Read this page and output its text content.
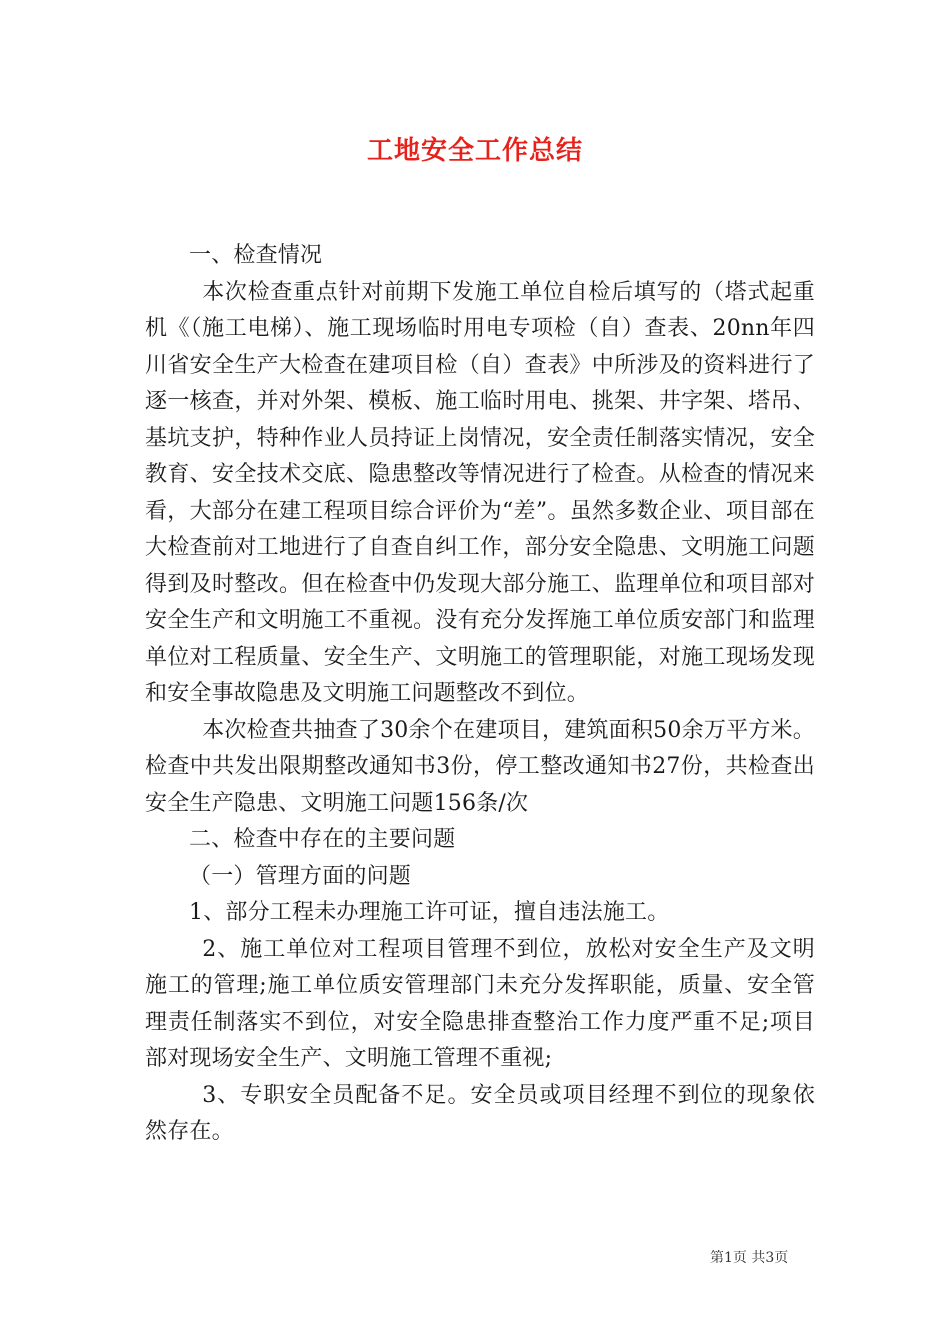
工地安全工作总结

一、检查情况

本次检查重点针对前期下发施工单位自检后填写的（塔式起重机《（施工电梯）、施工现场临时用电专项检（自）查表、20nn年四川省安全生产大检查在建项目检（自）查表》中所涉及的资料进行了逐一核查，并对外架、模板、施工临时用电、挑架、井字架、塔吊、基坑支护，特种作业人员持证上岗情况，安全责任制落实情况，安全教育、安全技术交底、隐患整改等情况进行了检查。从检查的情况来看，大部分在建工程项目综合评价为“差”。虽然多数企业、项目部在大检查前对工地进行了自查自纠工作，部分安全隐患、文明施工问题得到及时整改。但在检查中仍发现大部分施工、监理单位和项目部对安全生产和文明施工不重视。没有充分发挥施工单位质安部门和监理单位对工程质量、安全生产、文明施工的管理职能，对施工现场发现和安全事故隐患及文明施工问题整改不到位。

本次检查共抽查了30余个在建项目，建筑面积50余万平方米。检查中共发出限期整改通知书3份，停工整改通知书27份，共检查出安全生产隐患、文明施工问题156条/次

二、检查中存在的主要问题

（一）管理方面的问题

1、部分工程未办理施工许可证，擅自违法施工。

2、施工单位对工程项目管理不到位，放松对安全生产及文明施工的管理;施工单位质安管理部门未充分发挥职能，质量、安全管理责任制落实不到位，对安全隐患排查整治工作力度严重不足;项目部对现场安全生产、文明施工管理不重视;

3、专职安全员配备不足。安全员或项目经理不到位的现象依然存在。

第1页 共3页
